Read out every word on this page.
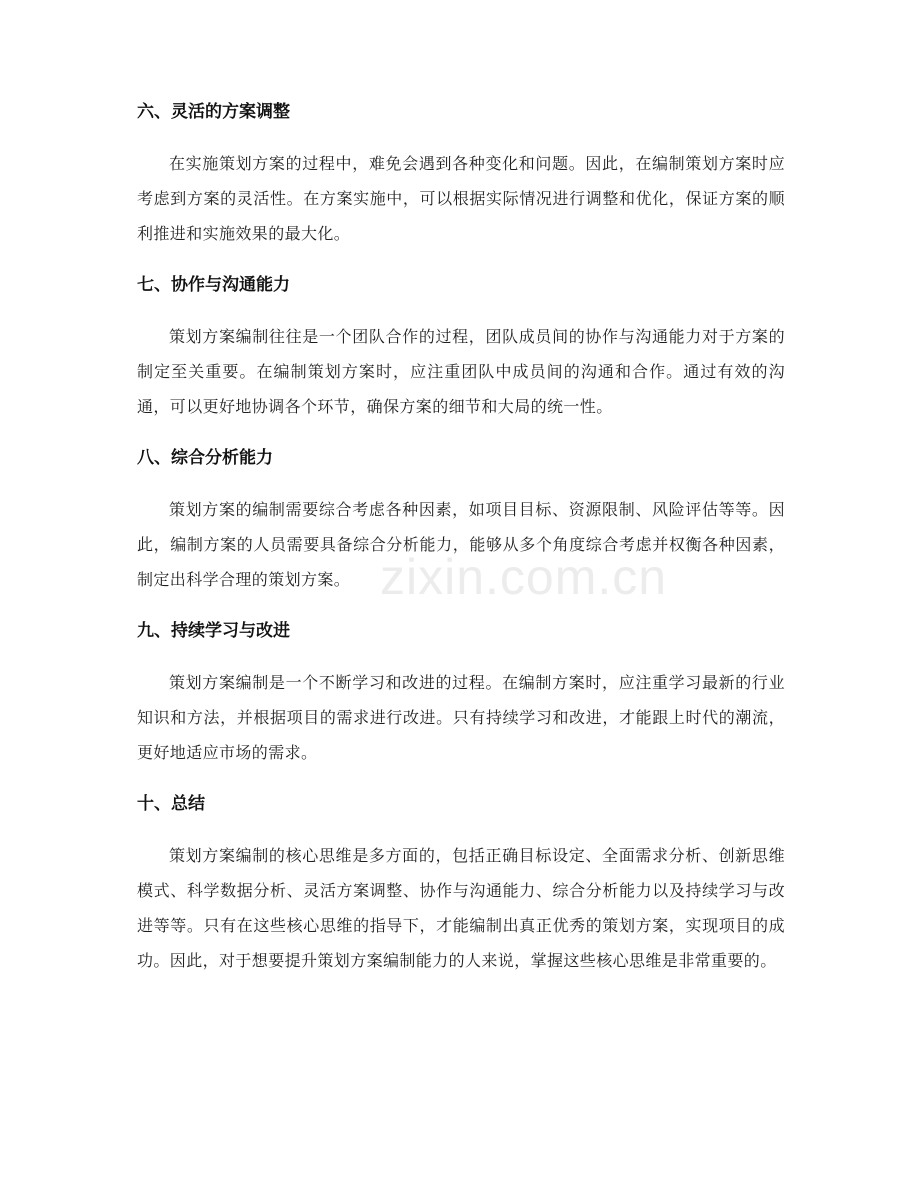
六、灵活的方案调整

在实施策划方案的过程中，难免会遇到各种变化和问题。因此，在编制策划方案时应考虑到方案的灵活性。在方案实施中，可以根据实际情况进行调整和优化，保证方案的顺利推进和实施效果的最大化。

七、协作与沟通能力

策划方案编制往往是一个团队合作的过程，团队成员间的协作与沟通能力对于方案的制定至关重要。在编制策划方案时，应注重团队中成员间的沟通和合作。通过有效的沟通，可以更好地协调各个环节，确保方案的细节和大局的统一性。

八、综合分析能力

策划方案的编制需要综合考虑各种因素，如项目目标、资源限制、风险评估等等。因此，编制方案的人员需要具备综合分析能力，能够从多个角度综合考虑并权衡各种因素，制定出科学合理的策划方案。

九、持续学习与改进

策划方案编制是一个不断学习和改进的过程。在编制方案时，应注重学习最新的行业知识和方法，并根据项目的需求进行改进。只有持续学习和改进，才能跟上时代的潮流，更好地适应市场的需求。

十、总结

策划方案编制的核心思维是多方面的，包括正确目标设定、全面需求分析、创新思维模式、科学数据分析、灵活方案调整、协作与沟通能力、综合分析能力以及持续学习与改进等等。只有在这些核心思维的指导下，才能编制出真正优秀的策划方案，实现项目的成功。因此，对于想要提升策划方案编制能力的人来说，掌握这些核心思维是非常重要的。

zixin.com.cn
